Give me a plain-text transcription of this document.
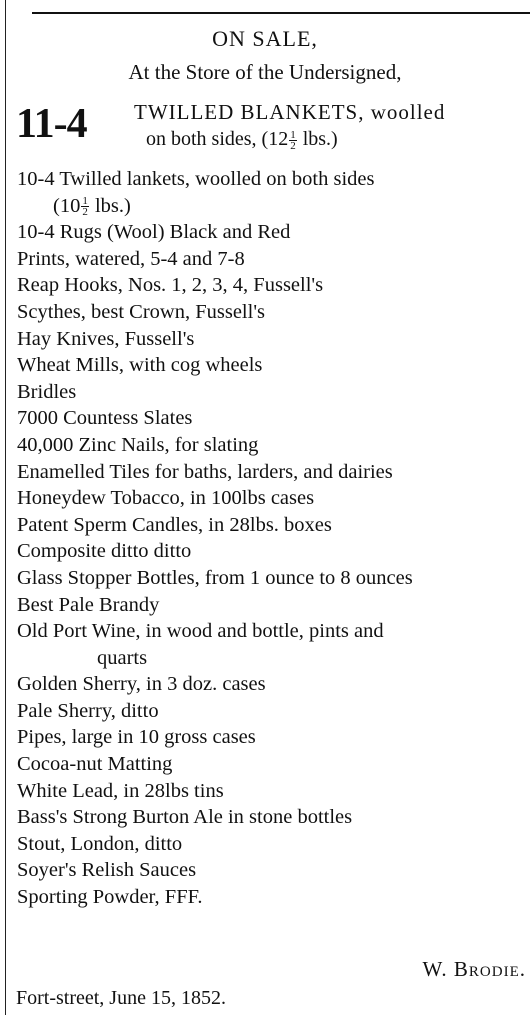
ON SALE,
At the Store of the Undersigned,
11-4 TWILLED BLANKETS, woolled
on both sides, $(12 \frac{1}{2} lbs.)$
10-4 Twilled lankets, woolled on both sides
$(10 \frac{1}{2} lbs.)$
10-4 Rugs (Wool) Black and Red
Prints, watered, 5-4 and 7-8
Reap Hooks, Nos. 1, 2, 3, 4, Fussell's
Scythes, best Crown, Fussell's
Hay Knives, Fussell's
Wheat Mills, with cog wheels
Bridles
7000 Countess Slates
40,000 Zinc Nails, for slating
Enamelled Tiles for baths, larders, and dairies
Honeydew Tobacco, in 100lbs cases
Patent Sperm Candles, in 28lbs. boxes
Composite ditto ditto
Glass Stopper Bottles, from 1 ounce to 8 ounces
Best Pale Brandy
Old Port Wine, in wood and bottle, pints and
quarts
Golden Sherry, in 3 doz. cases
Pale Sherry, ditto
Pipes, large in 10 gross cases
Cocoa-nut Matting
White Lead, in 28lbs tins
Bass's Strong Burton Ale in stone bottles
Stout, London, ditto
Soyer's Relish Sauces
Sporting Powder, FFF.
W. Brodie.
Fort-street, June 15, 1852.
